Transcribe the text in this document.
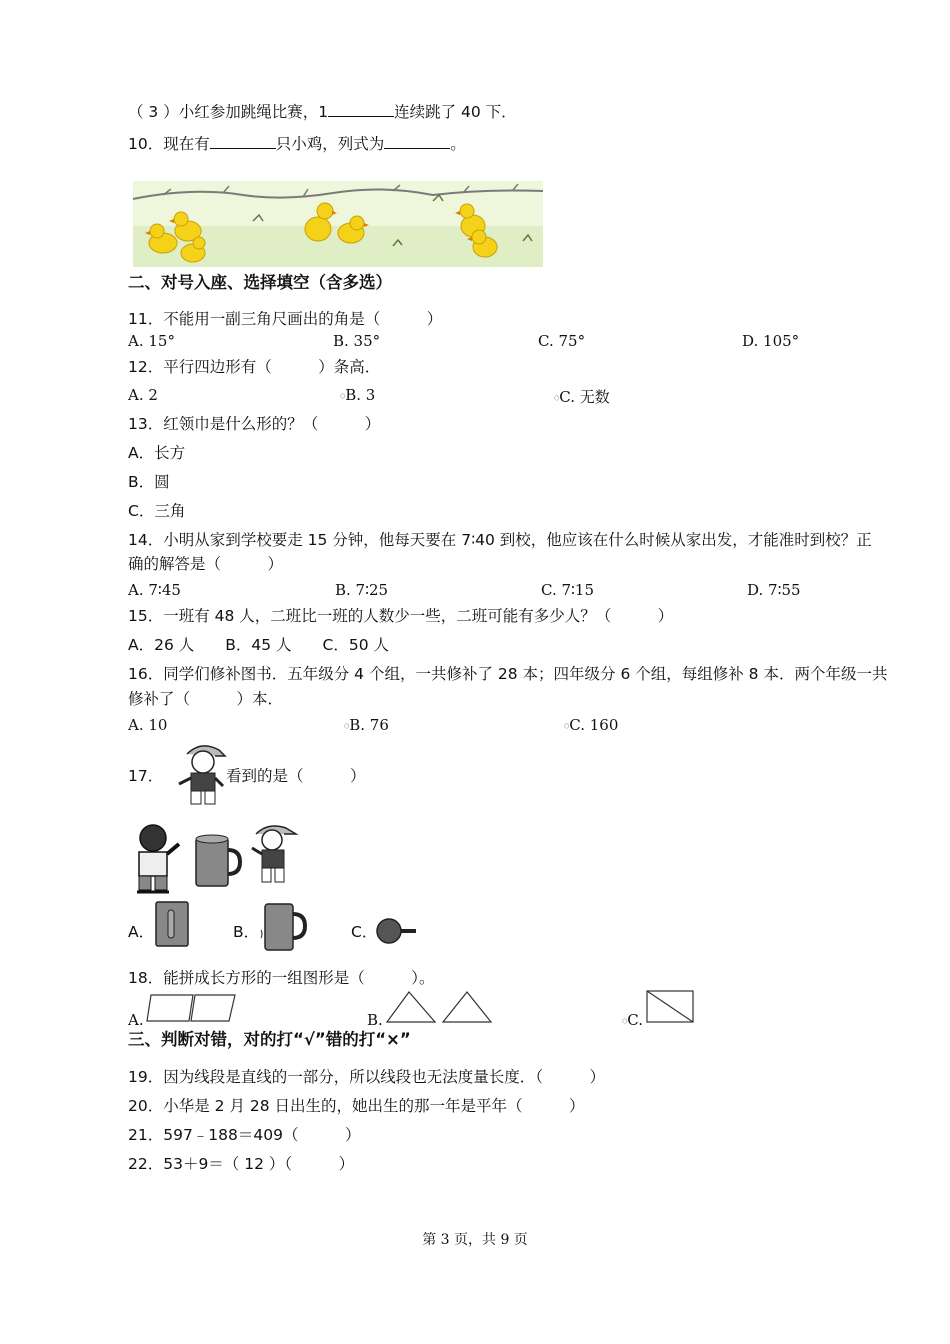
（ 3 ）小红参加跳绳比赛，1	连续跳了 40 下．
10．现在有	只小鸡，列式为	。
二、对号入座、选择填空（含多选）
11．不能用一副三角尺画出的角是（　　　）
A. 15°	B. 35°	C. 75°	D. 105°
12．平行四边形有（　　　）条高．
A. 2	○B. 3	○C. 无数
13．红领巾是什么形的？（　　　）
A．长方
B．圆
C．三角
14．小明从家到学校要走 15 分钟，他每天要在 7∶40 到校，他应该在什么时候从家出发，才能准时到校？正
确的解答是（　　　）
A. 7∶45	B. 7∶25	C. 7∶15	D. 7∶55
15．一班有 48 人，二班比一班的人数少一些，二班可能有多少人？（　　　）
A．26 人　　B．45 人　　C．50 人
16．同学们修补图书．五年级分 4 个组，一共修补了 28 本；四年级分 6 个组，每组修补 8 本．两个年级一共
修补了（　　　）本．
A. 10	○B. 76	○C. 160
17．	看到的是（　　　）
A．	B．	C．
18．能拼成长方形的一组图形是（　　　）。
A.	B.	○C.
三、判断对错，对的打“√”错的打“×”
19．因为线段是直线的一部分，所以线段也无法度量长度．（　　　）
20．小华是 2 月 28 日出生的，她出生的那一年是平年（　　　）
21．597﹣188＝409（　　　）
22．53＋9＝（ 12 ）（　　　）
第 3 页，共 9 页
